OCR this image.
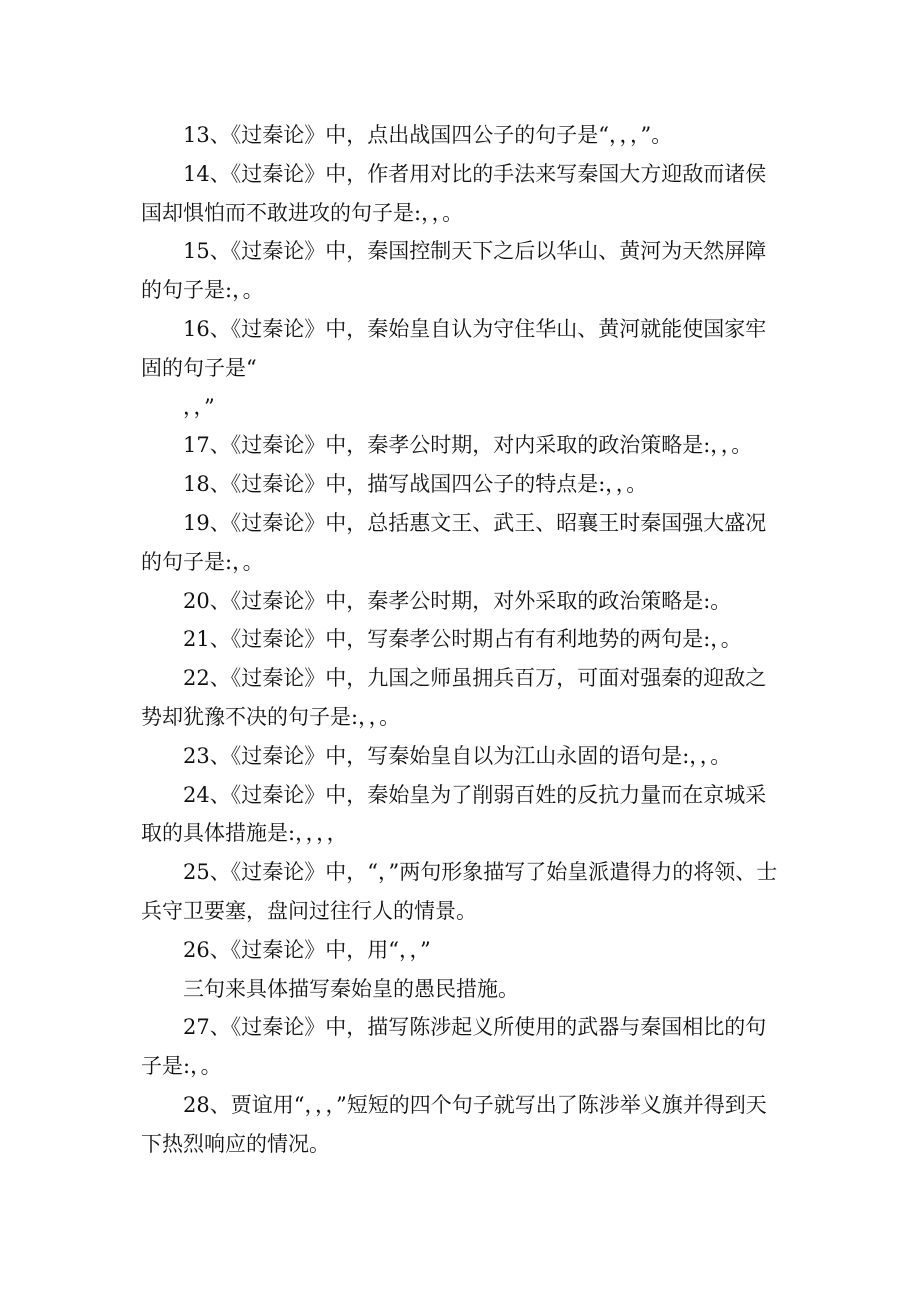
13、《过秦论》中，点出战国四公子的句子是“，，，”。

14、《过秦论》中，作者用对比的手法来写秦国大方迎敌而诸侯国却惧怕而不敢进攻的句子是:，，。

15、《过秦论》中，秦国控制天下之后以华山、黄河为天然屏障的句子是:，。

16、《过秦论》中，秦始皇自认为守住华山、黄河就能使国家牢固的句子是“

，，”

17、《过秦论》中，秦孝公时期，对内采取的政治策略是:，，。

18、《过秦论》中，描写战国四公子的特点是:，，。

19、《过秦论》中，总括惠文王、武王、昭襄王时秦国强大盛况的句子是:，。

20、《过秦论》中，秦孝公时期，对外采取的政治策略是:。

21、《过秦论》中，写秦孝公时期占有有利地势的两句是:，。

22、《过秦论》中，九国之师虽拥兵百万，可面对强秦的迎敌之势却犹豫不决的句子是:，，。

23、《过秦论》中，写秦始皇自以为江山永固的语句是:，，。

24、《过秦论》中，秦始皇为了削弱百姓的反抗力量而在京城采取的具体措施是:，，，，

25、《过秦论》中，“，”两句形象描写了始皇派遣得力的将领、士兵守卫要塞，盘问过往行人的情景。

26、《过秦论》中，用“，，”

三句来具体描写秦始皇的愚民措施。

27、《过秦论》中，描写陈涉起义所使用的武器与秦国相比的句子是:，。

28、贾谊用“，，，”短短的四个句子就写出了陈涉举义旗并得到天下热烈响应的情况。
